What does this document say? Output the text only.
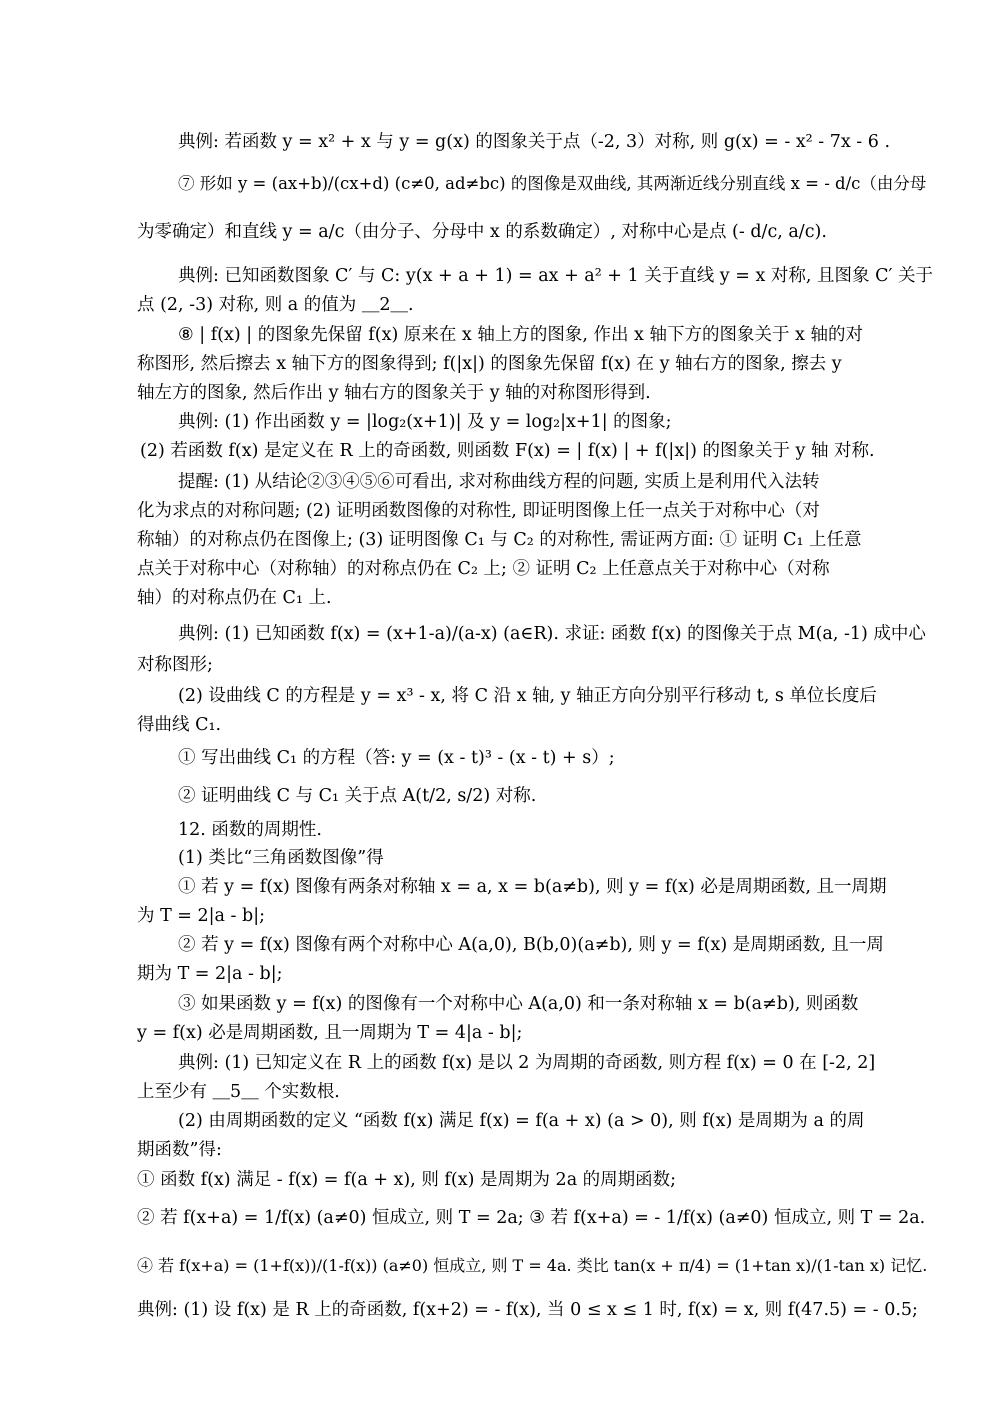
典例: 若函数 y = x² + x 与 y = g(x) 的图象关于点（-2, 3）对称, 则 g(x) = - x² - 7x - 6 .
⑦ 形如 y = (ax+b)/(cx+d) (c≠0, ad≠bc) 的图像是双曲线, 其两渐近线分别直线 x = - d/c（由分母
为零确定）和直线 y = a/c（由分子、分母中 x 的系数确定）, 对称中心是点 (- d/c, a/c).
典例: 已知函数图象 C′ 与 C: y(x + a + 1) = ax + a² + 1 关于直线 y = x 对称, 且图象 C′ 关于
点 (2, -3) 对称, 则 a 的值为 ＿2＿.
⑧ | f(x) | 的图象先保留 f(x) 原来在 x 轴上方的图象, 作出 x 轴下方的图象关于 x 轴的对
称图形, 然后擦去 x 轴下方的图象得到; f(|x|) 的图象先保留 f(x) 在 y 轴右方的图象, 擦去 y
轴左方的图象, 然后作出 y 轴右方的图象关于 y 轴的对称图形得到.
典例: (1) 作出函数 y = |log₂(x+1)| 及 y = log₂|x+1| 的图象;
(2) 若函数 f(x) 是定义在 R 上的奇函数, 则函数 F(x) = | f(x) | + f(|x|) 的图象关于 y 轴 对称.
提醒: (1) 从结论②③④⑤⑥可看出, 求对称曲线方程的问题, 实质上是利用代入法转
化为求点的对称问题; (2) 证明函数图像的对称性, 即证明图像上任一点关于对称中心（对
称轴）的对称点仍在图像上; (3) 证明图像 C₁ 与 C₂ 的对称性, 需证两方面: ① 证明 C₁ 上任意
点关于对称中心（对称轴）的对称点仍在 C₂ 上; ② 证明 C₂ 上任意点关于对称中心（对称
轴）的对称点仍在 C₁ 上.
典例: (1) 已知函数 f(x) = (x+1-a)/(a-x) (a∈R). 求证: 函数 f(x) 的图像关于点 M(a, -1) 成中心
对称图形;
(2) 设曲线 C 的方程是 y = x³ - x, 将 C 沿 x 轴, y 轴正方向分别平行移动 t, s 单位长度后
得曲线 C₁.
① 写出曲线 C₁ 的方程（答: y = (x - t)³ - (x - t) + s）;
② 证明曲线 C 与 C₁ 关于点 A(t/2, s/2) 对称.
12. 函数的周期性.
(1) 类比“三角函数图像”得
① 若 y = f(x) 图像有两条对称轴 x = a, x = b(a≠b), 则 y = f(x) 必是周期函数, 且一周期
为 T = 2|a - b|;
② 若 y = f(x) 图像有两个对称中心 A(a,0), B(b,0)(a≠b), 则 y = f(x) 是周期函数, 且一周
期为 T = 2|a - b|;
③ 如果函数 y = f(x) 的图像有一个对称中心 A(a,0) 和一条对称轴 x = b(a≠b), 则函数
y = f(x) 必是周期函数, 且一周期为 T = 4|a - b|;
典例: (1) 已知定义在 R 上的函数 f(x) 是以 2 为周期的奇函数, 则方程 f(x) = 0 在 [-2, 2]
上至少有 ＿5＿ 个实数根.
(2) 由周期函数的定义 “函数 f(x) 满足 f(x) = f(a + x) (a > 0), 则 f(x) 是周期为 a 的周
期函数”得:
① 函数 f(x) 满足 - f(x) = f(a + x), 则 f(x) 是周期为 2a 的周期函数;
② 若 f(x+a) = 1/f(x) (a≠0) 恒成立, 则 T = 2a; ③ 若 f(x+a) = - 1/f(x) (a≠0) 恒成立, 则 T = 2a.
④ 若 f(x+a) = (1+f(x))/(1-f(x)) (a≠0) 恒成立, 则 T = 4a. 类比 tan(x + π/4) = (1+tan x)/(1-tan x) 记忆.
典例: (1) 设 f(x) 是 R 上的奇函数, f(x+2) = - f(x), 当 0 ≤ x ≤ 1 时, f(x) = x, 则 f(47.5) = - 0.5;
